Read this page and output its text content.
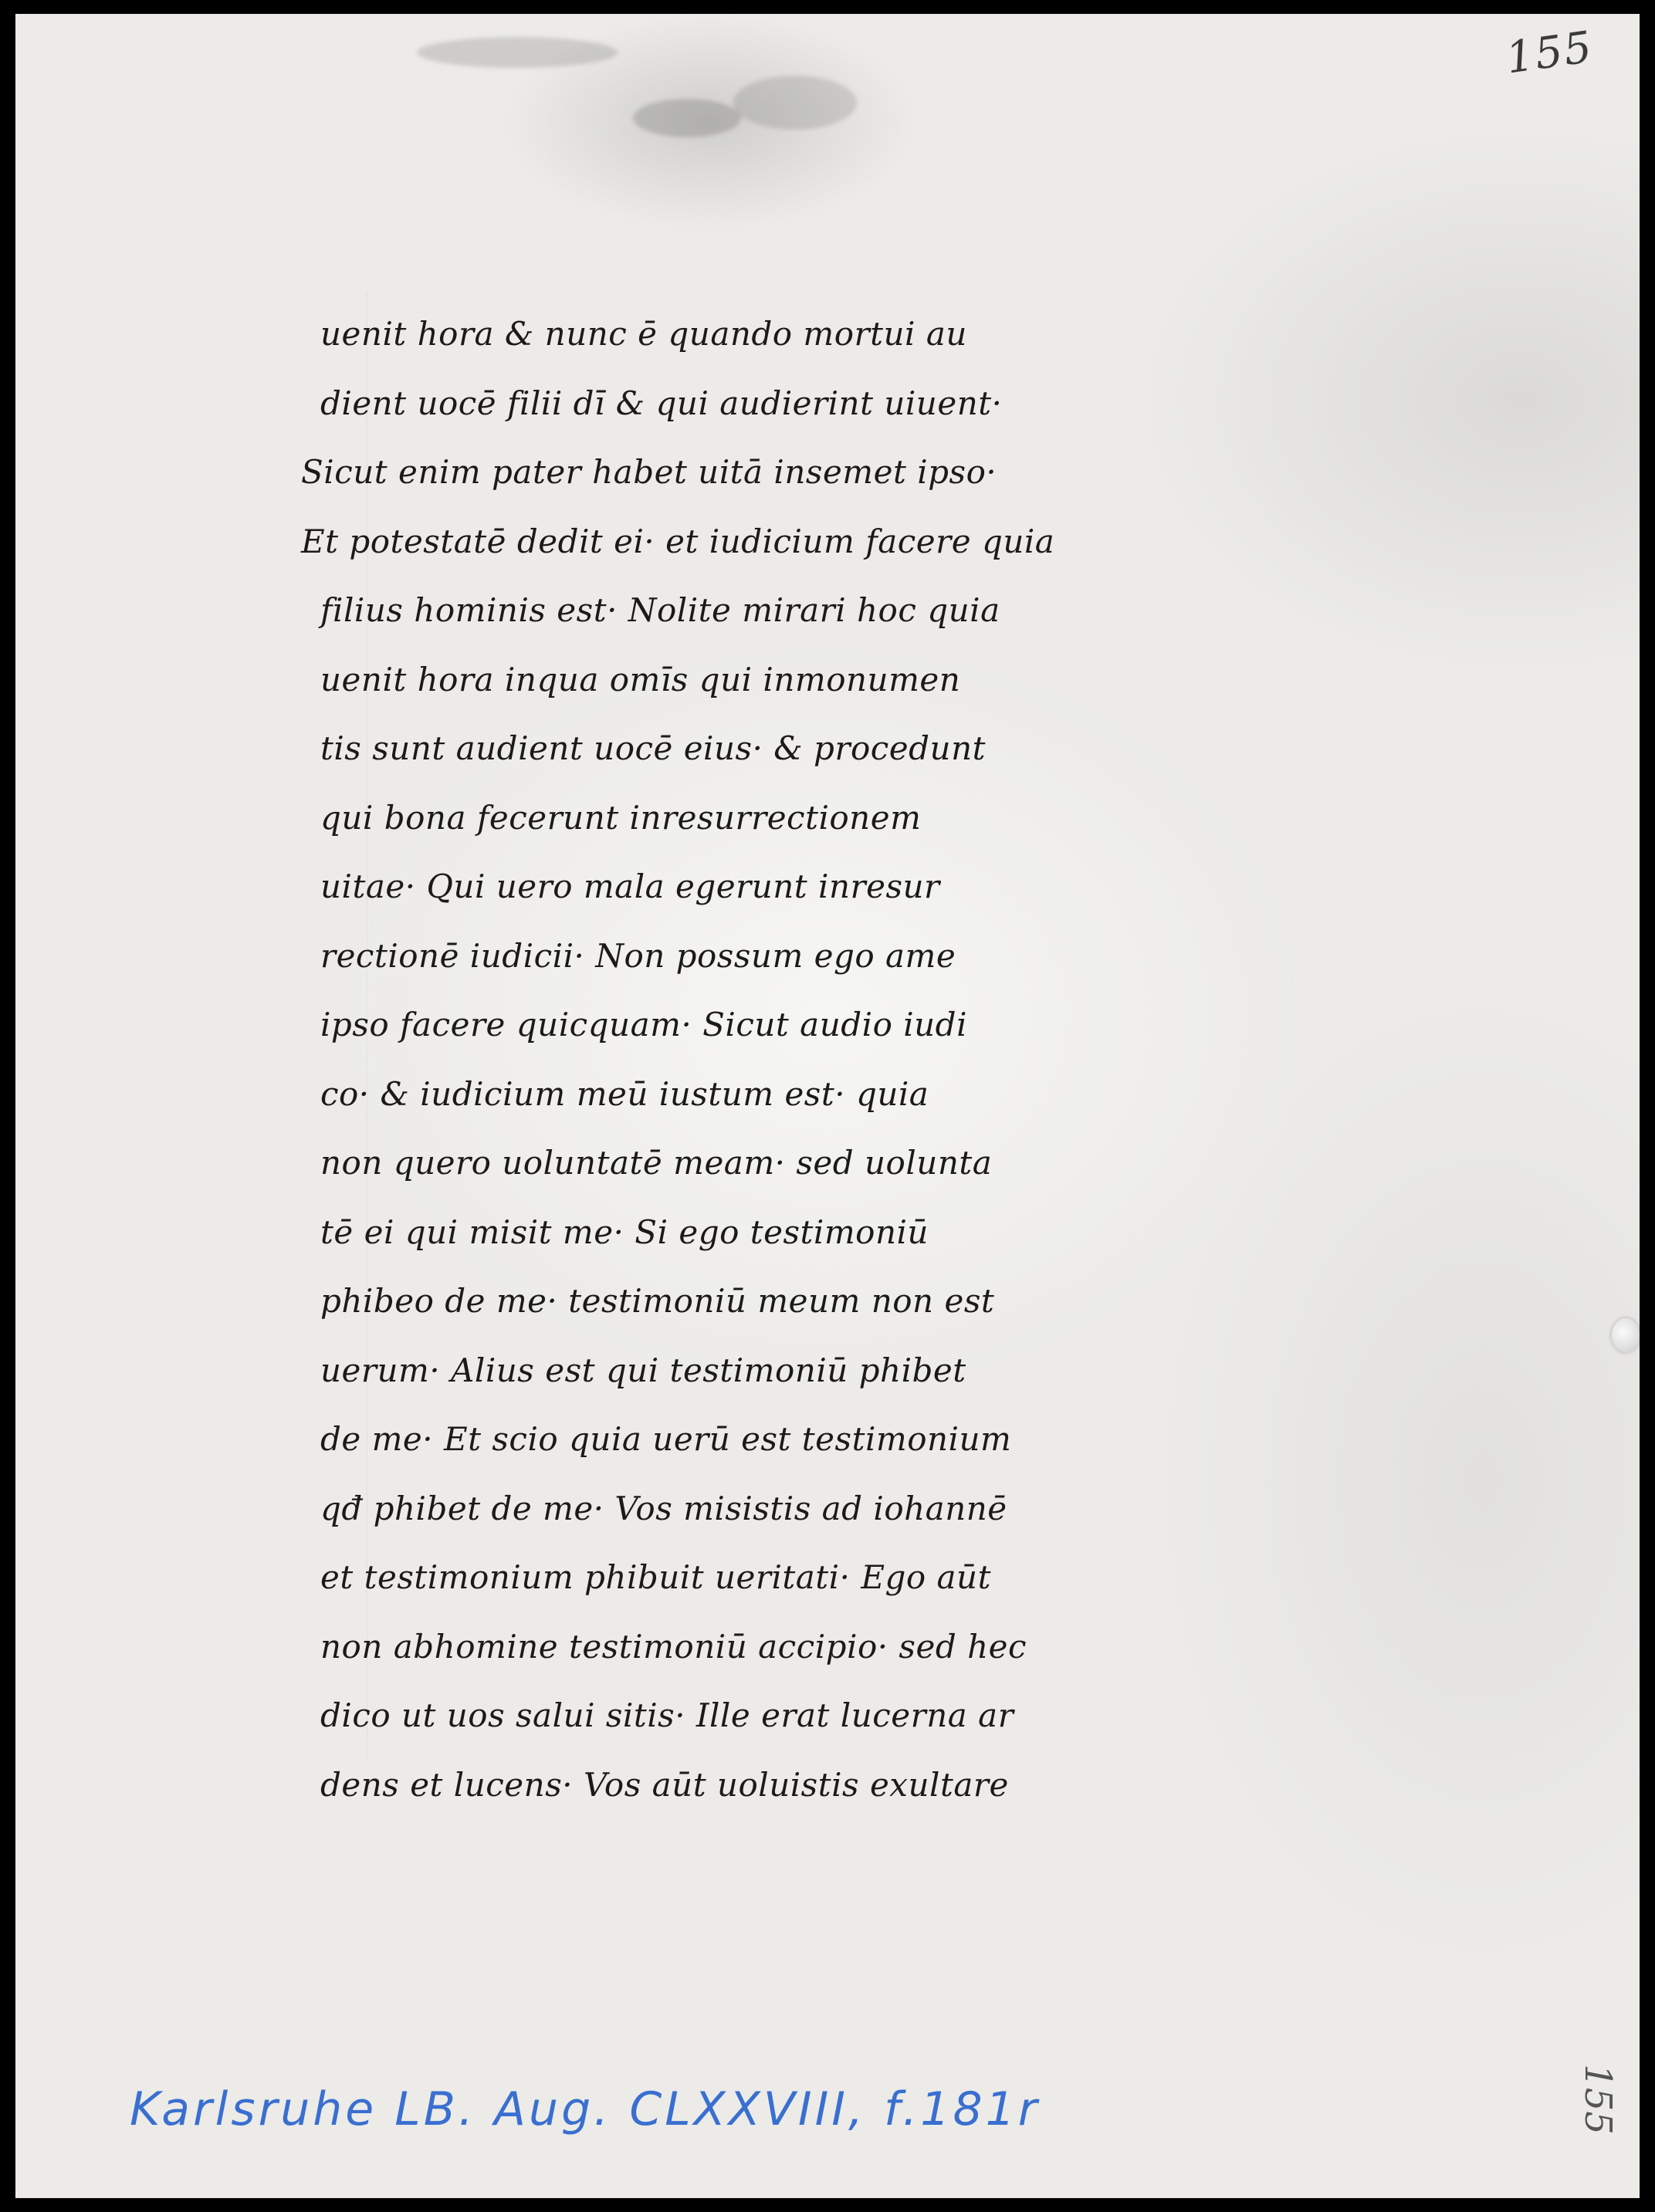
155
uenit hora & nunc ē quando mortui au
dient uocē filii dī & qui audierint uiuent·
Sicut enim pater habet uitā insemet ipso·
Et potestatē dedit ei· et iudicium facere quia
filius hominis est· Nolite mirari hoc quia
uenit hora inqua omīs qui inmonumen
tis sunt audient uocē eius· & procedunt
qui bona fecerunt inresurrectionem
uitae· Qui uero mala egerunt inresur
rectionē iudicii· Non possum ego ame
ipso facere quicquam· Sicut audio iudi
co· & iudicium meū iustum est· quia
non quero uoluntatē meam· sed uolunta
tē ei qui misit me· Si ego testimoniū
phibeo de me· testimoniū meum non est
uerum· Alius est qui testimoniū phibet
de me· Et scio quia uerū est testimonium
qđ phibet de me· Vos misistis ad iohannē
et testimonium phibuit ueritati· Ego aūt
non abhomine testimoniū accipio· sed hec
dico ut uos salui sitis· Ille erat lucerna ar
dens et lucens· Vos aūt uoluistis exultare
155
Karlsruhe LB. Aug. CLXXVIII, f.181r
